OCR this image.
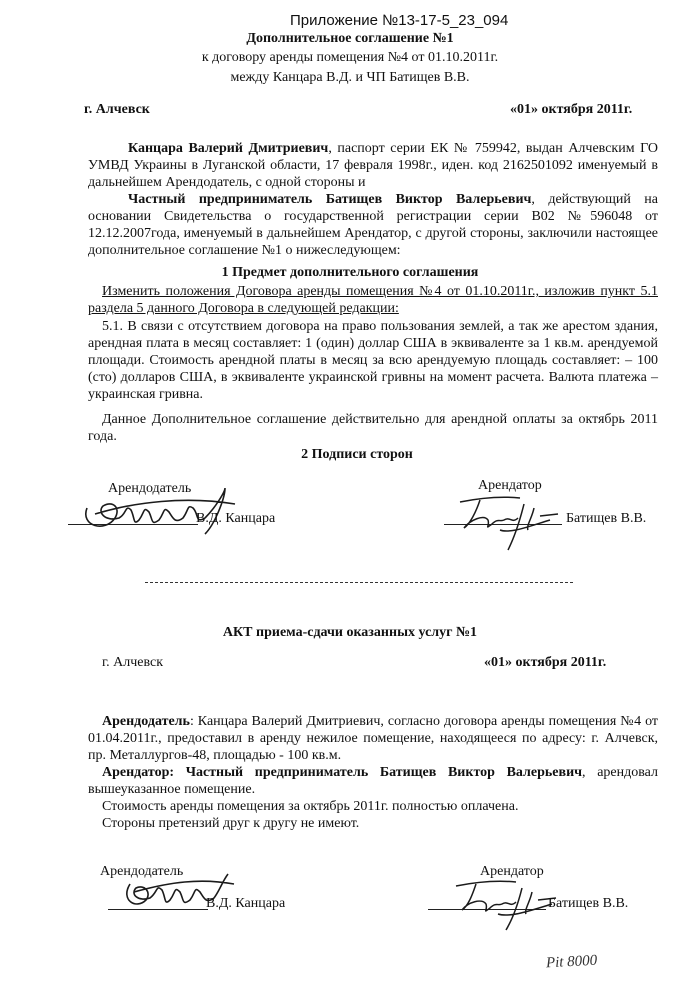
Приложение №13-17-5_23_094
Дополнительное соглашение №1
к договору аренды помещения №4 от 01.10.2011г.
между Канцара В.Д. и ЧП Батищев В.В.
г. Алчевск	«01» октября 2011г.
Канцара Валерий Дмитриевич, паспорт серии ЕК № 759942, выдан Алчевским ГО УМВД Украины в Луганской области, 17 февраля 1998г., иден. код 2162501092 именуемый в дальнейшем Арендодатель, с одной стороны и
Частный предприниматель Батищев Виктор Валерьевич, действующий на основании Свидетельства о государственной регистрации серии В02 №596048 от 12.12.2007года, именуемый в дальнейшем Арендатор, с другой стороны, заключили настоящее дополнительное соглашение №1 о нижеследующем:
1 Предмет дополнительного соглашения
Изменить положения Договора аренды помещения №4 от 01.10.2011г., изложив пункт 5.1 раздела 5 данного Договора в следующей редакции:
5.1. В связи с отсутствием договора на право пользования землей, а так же арестом здания, арендная плата в месяц составляет: 1 (один) доллар США в эквиваленте за 1 кв.м. арендуемой площади. Стоимость арендной платы в месяц за всю арендуемую площадь составляет: – 100 (сто) долларов США, в эквиваленте украинской гривны на момент расчета. Валюта платежа – украинская гривна.
Данное Дополнительное соглашение действительно для арендной оплаты за октябрь 2011 года.
2 Подписи сторон
Арендодатель
В.Д. Канцара
Арендатор
Батищев В.В.
АКТ приема-сдачи оказанных услуг №1
г. Алчевск	«01» октября 2011г.
Арендодатель: Канцара Валерий Дмитриевич, согласно договора аренды помещения №4 от 01.04.2011г., предоставил в аренду нежилое помещение, находящееся по адресу: г. Алчевск, пр. Металлургов-48, площадью - 100 кв.м.
Арендатор: Частный предприниматель Батищев Виктор Валерьевич, арендовал вышеуказанное помещение.
Стоимость аренды помещения за октябрь 2011г. полностью оплачена.
Стороны претензий друг к другу не имеют.
Арендодатель
В.Д. Канцара
Арендатор
Батищев В.В.
Pit 8000
